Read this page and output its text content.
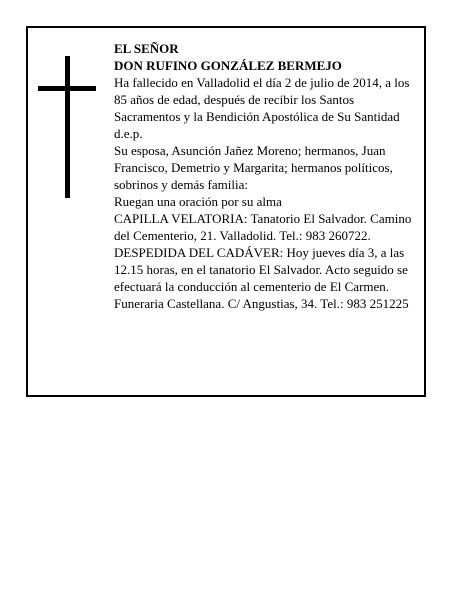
EL SEÑOR

DON RUFINO GONZÁLEZ BERMEJO

Ha fallecido en Valladolid el día 2 de julio de 2014, a los 85 años de edad, después de recibir los Santos Sacramentos y la Bendición Apostólica de Su Santidad d.e.p.

Su esposa, Asunción Jañez Moreno; hermanos, Juan Francisco, Demetrio y Margarita; hermanos políticos, sobrinos y demás familia:

Ruegan una oración por su alma

CAPILLA VELATORIA: Tanatorio El Salvador. Camino del Cementerio, 21. Valladolid. Tel.: 983 260722.

DESPEDIDA DEL CADÁVER: Hoy jueves día 3, a las 12.15 horas, en el tanatorio El Salvador. Acto seguido se efectuará la conducción al cementerio de El Carmen.

Funeraria Castellana. C/ Angustias, 34. Tel.: 983 251225
